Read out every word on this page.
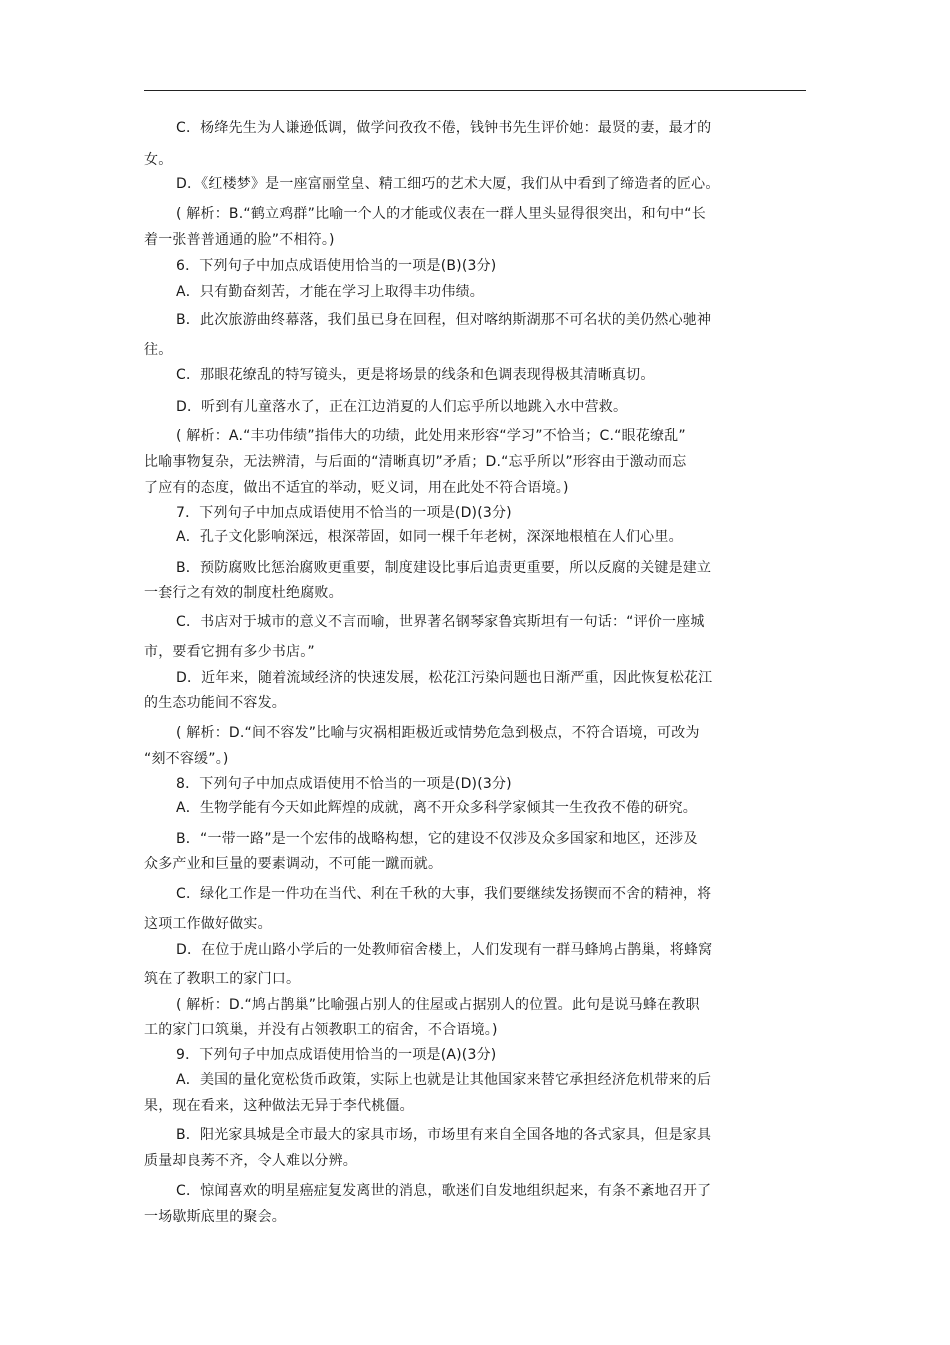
C．杨绛先生为人谦逊低调，做学问孜孜不倦，钱钟书先生评价她：最贤的妻，最才的
女。
D．《红楼梦》是一座富丽堂皇、精工细巧的艺术大厦，我们从中看到了缔造者的匠心。
( 解析：B.“鹤立鸡群”比喻一个人的才能或仪表在一群人里头显得很突出，和句中“长
着一张普普通通的脸”不相符。)
6．下列句子中加点成语使用恰当的一项是(B)(3分)
A．只有勤奋刻苦，才能在学习上取得丰功伟绩。
B．此次旅游曲终幕落，我们虽已身在回程，但对喀纳斯湖那不可名状的美仍然心驰神
往。
C．那眼花缭乱的特写镜头，更是将场景的线条和色调表现得极其清晰真切。
D．听到有儿童落水了，正在江边消夏的人们忘乎所以地跳入水中营救。
( 解析：A.“丰功伟绩”指伟大的功绩，此处用来形容“学习”不恰当；C.“眼花缭乱”
比喻事物复杂，无法辨清，与后面的“清晰真切”矛盾；D.“忘乎所以”形容由于激动而忘
了应有的态度，做出不适宜的举动，贬义词，用在此处不符合语境。)
7．下列句子中加点成语使用不恰当的一项是(D)(3分)
A．孔子文化影响深远，根深蒂固，如同一棵千年老树，深深地根植在人们心里。
B．预防腐败比惩治腐败更重要，制度建设比事后追责更重要，所以反腐的关键是建立
一套行之有效的制度杜绝腐败。
C．书店对于城市的意义不言而喻，世界著名钢琴家鲁宾斯坦有一句话：“评价一座城
市，要看它拥有多少书店。”
D．近年来，随着流域经济的快速发展，松花江污染问题也日渐严重，因此恢复松花江
的生态功能间不容发。
( 解析：D.“间不容发”比喻与灾祸相距极近或情势危急到极点，不符合语境，可改为
“刻不容缓”。)
8．下列句子中加点成语使用不恰当的一项是(D)(3分)
A．生物学能有今天如此辉煌的成就，离不开众多科学家倾其一生孜孜不倦的研究。
B．“一带一路”是一个宏伟的战略构想，它的建设不仅涉及众多国家和地区，还涉及
众多产业和巨量的要素调动，不可能一蹴而就。
C．绿化工作是一件功在当代、利在千秋的大事，我们要继续发扬锲而不舍的精神，将
这项工作做好做实。
D．在位于虎山路小学后的一处教师宿舍楼上，人们发现有一群马蜂鸠占鹊巢，将蜂窝
筑在了教职工的家门口。
( 解析：D.“鸠占鹊巢”比喻强占别人的住屋或占据别人的位置。此句是说马蜂在教职
工的家门口筑巢，并没有占领教职工的宿舍，不合语境。)
9．下列句子中加点成语使用恰当的一项是(A)(3分)
A．美国的量化宽松货币政策，实际上也就是让其他国家来替它承担经济危机带来的后
果，现在看来，这种做法无异于李代桃僵。
B．阳光家具城是全市最大的家具市场，市场里有来自全国各地的各式家具，但是家具
质量却良莠不齐，令人难以分辨。
C．惊闻喜欢的明星癌症复发离世的消息，歌迷们自发地组织起来，有条不紊地召开了
一场歇斯底里的聚会。
